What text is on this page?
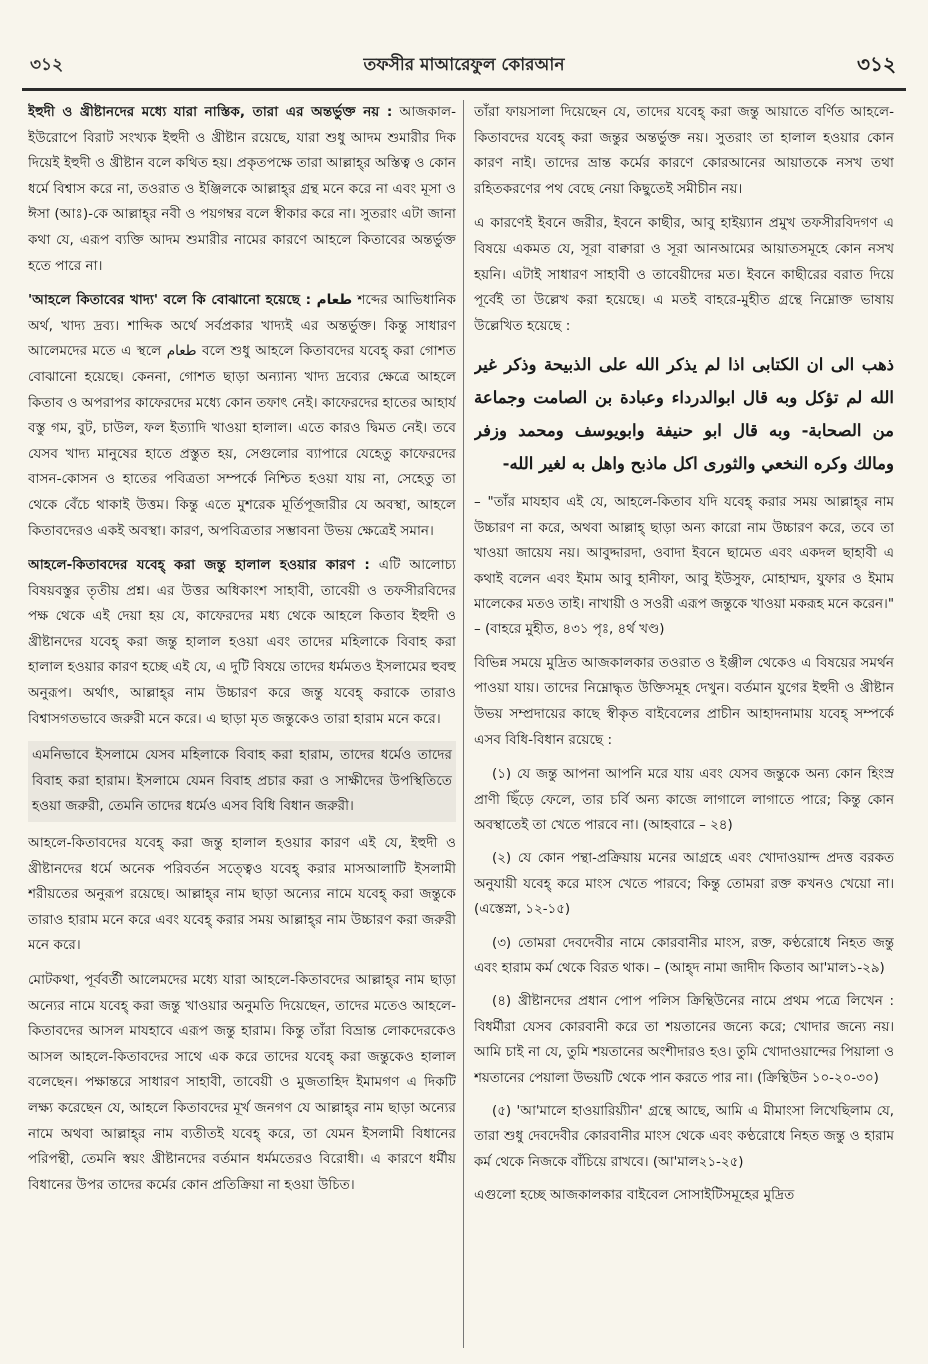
৩১২	তফসীর মাআরেফুল কোরআন	৩১২

ইহুদী ও খ্রীষ্টানদের মধ্যে যারা নাস্তিক, তারা এর অন্তর্ভুক্ত নয় : আজকাল-ইউরোপে বিরাট সংখ্যক ইহুদী ও খ্রীষ্টান রয়েছে, যারা শুধু আদম শুমারীর দিক দিয়েই ইহুদী ও খ্রীষ্টান বলে কথিত হয়। প্রকৃতপক্ষে তারা আল্লাহ্‌র অস্তিত্ব ও কোন ধর্মে বিশ্বাস করে না, তওরাত ও ইঞ্জিলকে আল্লাহ্‌র গ্রন্থ মনে করে না এবং মূসা ও ঈসা (আঃ)-কে আল্লাহ্‌র নবী ও পয়গম্বর বলে স্বীকার করে না। সুতরাং এটা জানা কথা যে, এরূপ ব্যক্তি আদম শুমারীর নামের কারণে আহলে কিতাবের অন্তর্ভুক্ত হতে পারে না।

'আহলে কিতাবের খাদ্য' বলে কি বোঝানো হয়েছে : طعام শব্দের আভিধানিক অর্থ, খাদ্য দ্রব্য। শাব্দিক অর্থে সর্বপ্রকার খাদ্যই এর অন্তর্ভুক্ত। কিন্তু সাধারণ আলেমদের মতে এ স্থলে طعام বলে শুধু আহলে কিতাবদের যবেহ্‌ করা গোশত বোঝানো হয়েছে। কেননা, গোশত ছাড়া অন্যান্য খাদ্য দ্রব্যের ক্ষেত্রে আহলে কিতাব ও অপরাপর কাফেরদের মধ্যে কোন তফাৎ নেই। কাফেরদের হাতের আহার্য বস্তু গম, বুট, চাউল, ফল ইত্যাদি খাওয়া হালাল। এতে কারও দ্বিমত নেই। তবে যেসব খাদ্য মানুষের হাতে প্রস্তুত হয়, সেগুলোর ব্যাপারে যেহেতু কাফেরদের বাসন-কোসন ও হাতের পবিত্রতা সম্পর্কে নিশ্চিত হওয়া যায় না, সেহেতু তা থেকে বেঁচে থাকাই উত্তম। কিন্তু এতে মুশরেক মূর্তিপূজারীর যে অবস্থা, আহলে কিতাবদেরও একই অবস্থা। কারণ, অপবিত্রতার সম্ভাবনা উভয় ক্ষেত্রেই সমান।

আহলে-কিতাবদের যবেহ্‌ করা জন্তু হালাল হওয়ার কারণ : এটি আলোচ্য বিষয়বস্তুর তৃতীয় প্রশ্ন। এর উত্তর অধিকাংশ সাহাবী, তাবেয়ী ও তফসীরবিদের পক্ষ থেকে এই দেয়া হয় যে, কাফেরদের মধ্য থেকে আহলে কিতাব ইহুদী ও খ্রীষ্টানদের যবেহ্‌ করা জন্তু হালাল হওয়া এবং তাদের মহিলাকে বিবাহ করা হালাল হওয়ার কারণ হচ্ছে এই যে, এ দুটি বিষয়ে তাদের ধর্মমতও ইসলামের হুবহু অনুরূপ। অর্থাৎ, আল্লাহ্‌র নাম উচ্চারণ করে জন্তু যবেহ্‌ করাকে তারাও বিশ্বাসগতভাবে জরুরী মনে করে। এ ছাড়া মৃত জন্তুকেও তারা হারাম মনে করে।

এমনিভাবে ইসলামে যেসব মহিলাকে বিবাহ করা হারাম, তাদের ধর্মেও তাদের বিবাহ করা হারাম। ইসলামে যেমন বিবাহ প্রচার করা ও সাক্ষীদের উপস্থিতিতে হওয়া জরুরী, তেমনি তাদের ধর্মেও এসব বিধি বিধান জরুরী।

আহলে-কিতাবদের যবেহ্‌ করা জন্তু হালাল হওয়ার কারণ এই যে, ইহুদী ও খ্রীষ্টানদের ধর্মে অনেক পরিবর্তন সত্ত্বেও যবেহ্‌ করার মাসআলাটি ইসলামী শরীয়তের অনুরূপ রয়েছে। আল্লাহ্‌র নাম ছাড়া অন্যের নামে যবেহ্‌ করা জন্তুকে তারাও হারাম মনে করে এবং যবেহ্‌ করার সময় আল্লাহ্‌র নাম উচ্চারণ করা জরুরী মনে করে।

মোটকথা, পূর্ববর্তী আলেমদের মধ্যে যারা আহলে-কিতাবদের আল্লাহ্‌র নাম ছাড়া অন্যের নামে যবেহ্‌ করা জন্তু খাওয়ার অনুমতি দিয়েছেন, তাদের মতেও আহলে-কিতাবদের আসল মাযহাবে এরূপ জন্তু হারাম। কিন্তু তাঁরা বিভ্রান্ত লোকদেরকেও আসল আহলে-কিতাবদের সাথে এক করে তাদের যবেহ্‌ করা জন্তুকেও হালাল বলেছেন। পক্ষান্তরে সাধারণ সাহাবী, তাবেয়ী ও মুজতাহিদ ইমামগণ এ দিকটি লক্ষ্য করেছেন যে, আহলে কিতাবদের মূর্খ জনগণ যে আল্লাহ্‌র নাম ছাড়া অন্যের নামে অথবা আল্লাহ্‌র নাম ব্যতীতই যবেহ্‌ করে, তা যেমন ইসলামী বিধানের পরিপন্থী, তেমনি স্বয়ং খ্রীষ্টানদের বর্তমান ধর্মমতেরও বিরোধী। এ কারণে ধর্মীয় বিধানের উপর তাদের কর্মের কোন প্রতিক্রিয়া না হওয়া উচিত।

তাঁরা ফায়সালা দিয়েছেন যে, তাদের যবেহ্‌ করা জন্তু আয়াতে বর্ণিত আহলে-কিতাবদের যবেহ্‌ করা জন্তুর অন্তর্ভুক্ত নয়। সুতরাং তা হালাল হওয়ার কোন কারণ নাই। তাদের ভ্রান্ত কর্মের কারণে কোরআনের আয়াতকে নসখ তথা রহিতকরণের পথ বেছে নেয়া কিছুতেই সমীচীন নয়।

এ কারণেই ইবনে জরীর, ইবনে কাছীর, আবু হাইয়্যান প্রমুখ তফসীরবিদগণ এ বিষয়ে একমত যে, সূরা বাক্বারা ও সূরা আনআমের আয়াতসমূহে কোন নসখ হয়নি। এটাই সাধারণ সাহাবী ও তাবেয়ীদের মত। ইবনে কাছীরের বরাত দিয়ে পূর্বেই তা উল্লেখ করা হয়েছে। এ মতই বাহরে-মুহীত গ্রন্থে নিম্নোক্ত ভাষায় উল্লেখিত হয়েছে :

ذهب الى ان الكتابى اذا لم يذكر الله على الذبيحة وذكر غير الله لم تؤكل وبه قال ابوالدرداء وعبادة بن الصامت وجماعة من الصحابة- وبه قال ابو حنيفة وابويوسف ومحمد وزفر ومالك وكره النخعي والثورى اكل ماذبح واهل به لغير الله-

– "তাঁর মাযহাব এই যে, আহলে-কিতাব যদি যবেহ্‌ করার সময় আল্লাহ্‌র নাম উচ্চারণ না করে, অথবা আল্লাহ্‌ ছাড়া অন্য কারো নাম উচ্চারণ করে, তবে তা খাওয়া জায়েয নয়। আবুদ্দারদা, ওবাদা ইবনে ছামেত এবং একদল ছাহাবী এ কথাই বলেন এবং ইমাম আবু হানীফা, আবু ইউসুফ, মোহাম্মদ, যুফার ও ইমাম মালেকের মতও তাই। নাখায়ী ও সওরী এরূপ জন্তুকে খাওয়া মকরূহ মনে করেন।" – (বাহরে মুহীত, ৪৩১ পৃঃ, ৪র্থ খণ্ড)

বিভিন্ন সময়ে মুদ্রিত আজকালকার তওরাত ও ইঞ্জীল থেকেও এ বিষয়ের সমর্থন পাওয়া যায়। তাদের নিম্নোদ্ধৃত উক্তিসমূহ দেখুন। বর্তমান যুগের ইহুদী ও খ্রীষ্টান উভয় সম্প্রদায়ের কাছে স্বীকৃত বাইবেলের প্রাচীন আহাদনামায় যবেহ্‌ সম্পর্কে এসব বিধি-বিধান রয়েছে :

(১) যে জন্তু আপনা আপনি মরে যায় এবং যেসব জন্তুকে অন্য কোন হিংস্র প্রাণী ছিঁড়ে ফেলে, তার চর্বি অন্য কাজে লাগালে লাগাতে পারে; কিন্তু কোন অবস্থাতেই তা খেতে পারবে না। (আহবারে – ২৪)

(২) যে কোন পন্থা-প্রক্রিয়ায় মনের আগ্রহে এবং খোদাওয়ান্দ প্রদত্ত বরকত অনুযায়ী যবেহ্‌ করে মাংস খেতে পারবে; কিন্তু তোমরা রক্ত কখনও খেয়ো না। (এস্তেস্না, ১২-১৫)

(৩) তোমরা দেবদেবীর নামে কোরবানীর মাংস, রক্ত, কণ্ঠরোধে নিহত জন্তু এবং হারাম কর্ম থেকে বিরত থাক। – (আহ্‌দ নামা জাদীদ কিতাব আ'মাল১-২৯)

(৪) খ্রীষ্টানদের প্রধান পোপ পলিস ক্রিন্থিউনের নামে প্রথম পত্রে লিখেন : বিধর্মীরা যেসব কোরবানী করে তা শয়তানের জন্যে করে; খোদার জন্যে নয়। আমি চাই না যে, তুমি শয়তানের অংশীদারও হও। তুমি খোদাওয়ান্দের পিয়ালা ও শয়তানের পেয়ালা উভয়টি থেকে পান করতে পার না। (ক্রিন্থিউন ১০-২০-৩০)

(৫) 'আ'মালে হাওয়ারিয়্যীন' গ্রন্থে আছে, আমি এ মীমাংসা লিখেছিলাম যে, তারা শুধু দেবদেবীর কোরবানীর মাংস থেকে এবং কণ্ঠরোধে নিহত জন্তু ও হারাম কর্ম থেকে নিজকে বাঁচিয়ে রাখবে। (আ'মাল২১-২৫)

এগুলো হচ্ছে আজকালকার বাইবেল সোসাইটিসমূহের মুদ্রিত
